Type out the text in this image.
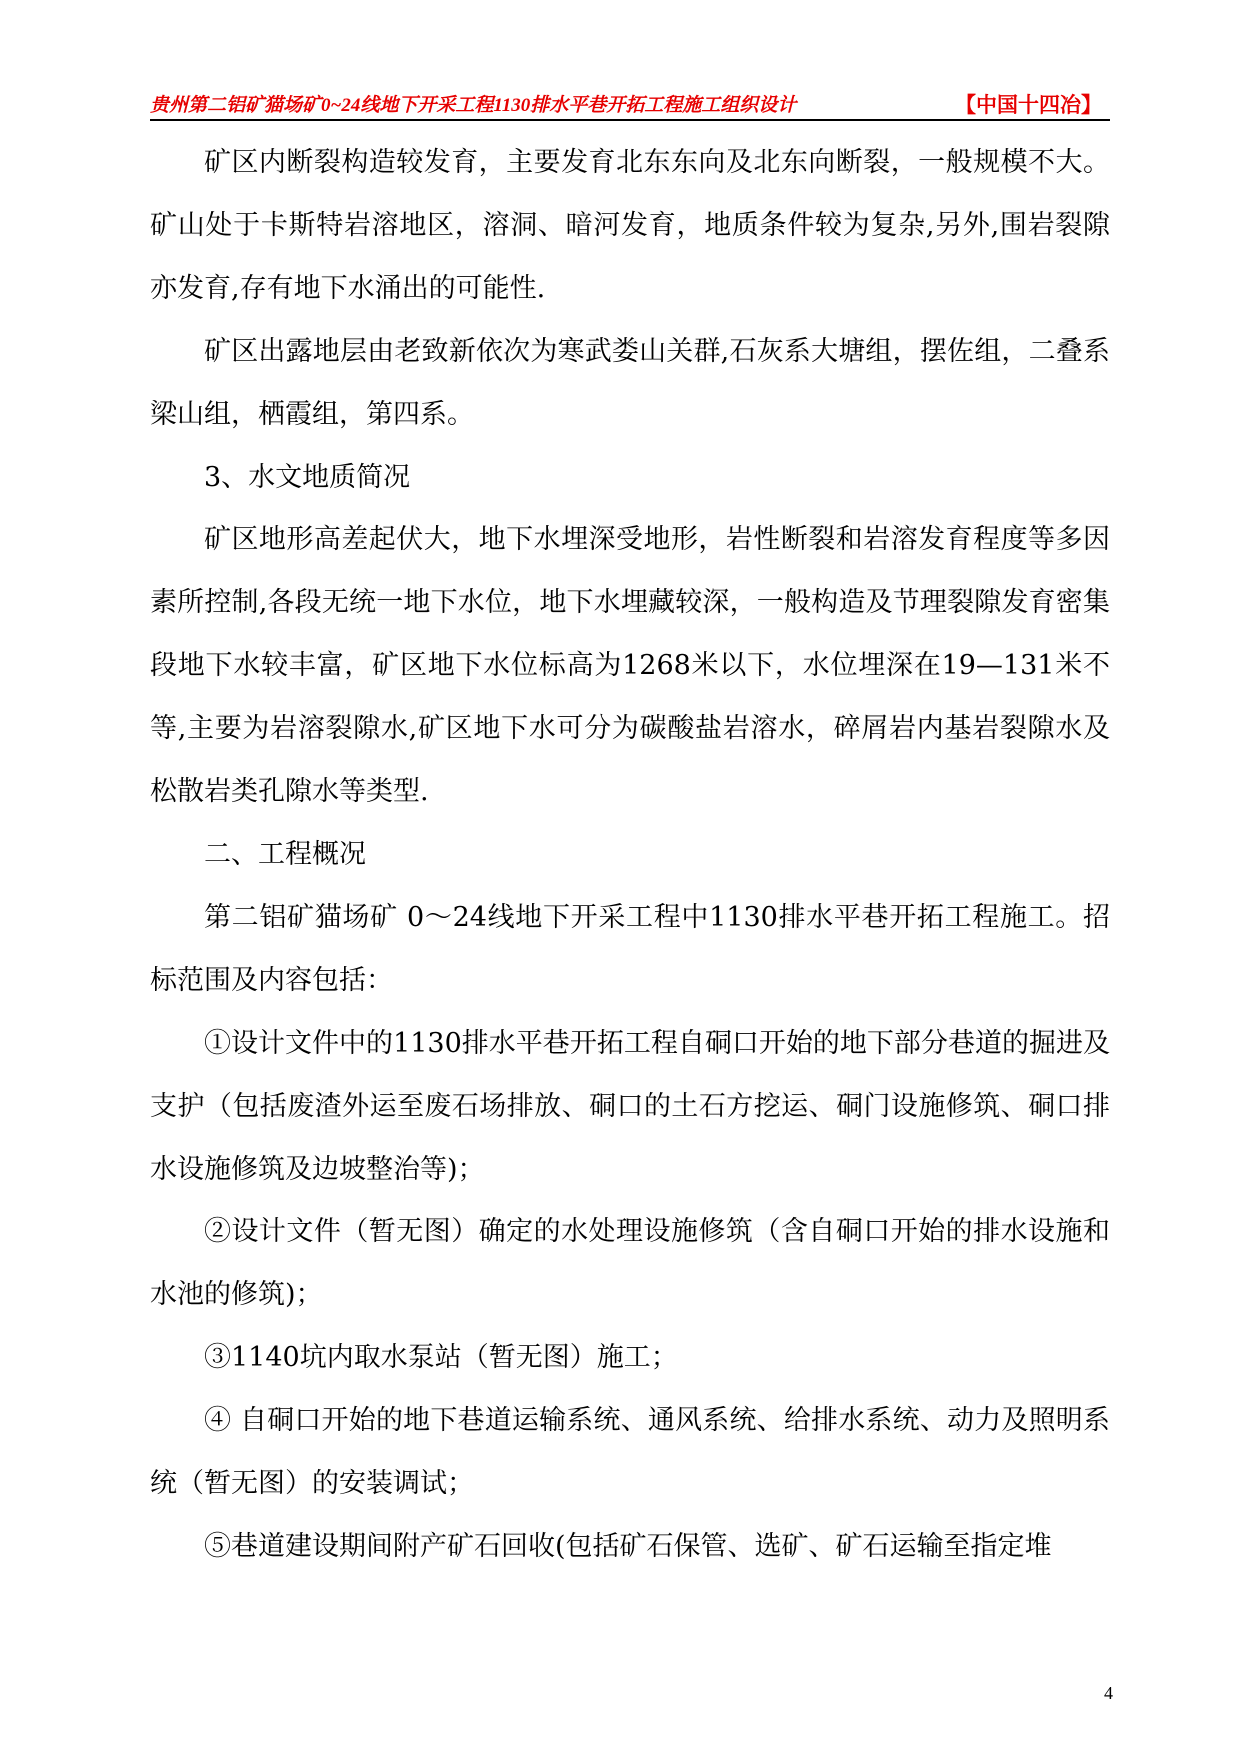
贵州第二铝矿猫场矿0~24线地下开采工程1130排水平巷开拓工程施工组织设计	【中国十四冶】

矿区内断裂构造较发育，主要发育北东东向及北东向断裂，一般规模不大。矿山处于卡斯特岩溶地区，溶洞、暗河发育，地质条件较为复杂,另外,围岩裂隙亦发育,存有地下水涌出的可能性.

矿区出露地层由老致新依次为寒武娄山关群,石灰系大塘组，摆佐组，二叠系梁山组，栖霞组，第四系。

3、水文地质简况

矿区地形高差起伏大，地下水埋深受地形，岩性断裂和岩溶发育程度等多因素所控制,各段无统一地下水位，地下水埋藏较深，一般构造及节理裂隙发育密集段地下水较丰富，矿区地下水位标高为1268米以下，水位埋深在19—131米不等,主要为岩溶裂隙水,矿区地下水可分为碳酸盐岩溶水，碎屑岩内基岩裂隙水及松散岩类孔隙水等类型.

二、工程概况

第二铝矿猫场矿 0～24线地下开采工程中1130排水平巷开拓工程施工。招标范围及内容包括：

①设计文件中的1130排水平巷开拓工程自硐口开始的地下部分巷道的掘进及支护（包括废渣外运至废石场排放、硐口的土石方挖运、硐门设施修筑、硐口排水设施修筑及边坡整治等)；

②设计文件（暂无图）确定的水处理设施修筑（含自硐口开始的排水设施和水池的修筑)；

③1140坑内取水泵站（暂无图）施工；

④ 自硐口开始的地下巷道运输系统、通风系统、给排水系统、动力及照明系统（暂无图）的安装调试；

⑤巷道建设期间附产矿石回收(包括矿石保管、选矿、矿石运输至指定堆

4
